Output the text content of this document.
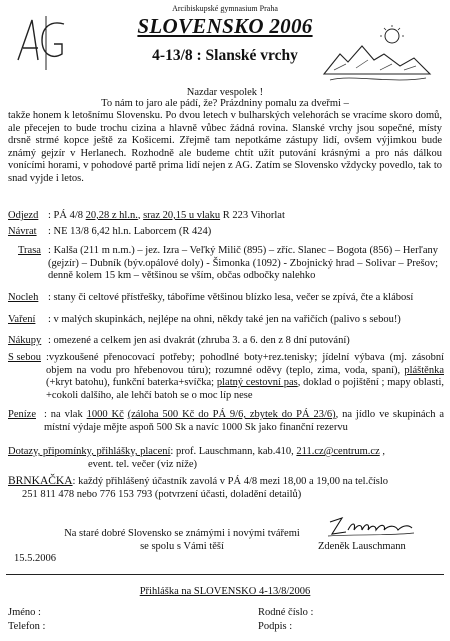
Arcibiskupské gymnasium Praha
SLOVENSKO 2006
4-13/8 : Slanské vrchy
Nazdar vespolek !
To nám to jaro ale pádí, že? Prázdniny pomalu za dveřmi –
takže honem k letošnímu Slovensku. Po dvou letech v bulharských velehorách se vracíme skoro domů, ale přecejen to bude trochu cizina a hlavně vůbec žádná rovina. Slanské vrchy jsou sopečné, místy drsně strmé kopce ještě za Košicemi. Zřejmě tam nepotkáme zástupy lidí, ovšem výjimkou bude známý gejzír v Herlanech. Rozhodně ale budeme chtít užít putování krásnými a pro nás dálkou vonícími horami, v pohodové partě prima lidí nejen z AG. Zatím se Slovensko vždycky povedlo, tak to snad vyjde i letos.
Odjezd : PÁ 4/8 20,28 z hl.n., sraz 20,15 u vlaku R 223 Vihorlat
Návrat : NE 13/8 6,42 hl.n. Laborcem (R 424)
Trasa : Kalša (211 m n.m.) – jez. Izra – Veľký Milič (895) – zříc. Slanec – Bogota (856) – Herľany (gejzír) – Dubník (býv.opálové doly) - Šimonka (1092) - Zbojnický hrad – Solivar – Prešov; denně kolem 15 km – většinou se vším, občas odbočky nalehko
Nocleh : stany či celtové přístřešky, táboříme většinou blízko lesa, večer se zpívá, čte a klábosí
Vaření : v malých skupinkách, nejlépe na ohni, někdy také jen na vařičích (palivo s sebou!)
Nákupy : omezené a celkem jen asi dvakrát (zhruba 3. a 6. den z 8 dní putování)
S sebou :vyzkoušené přenocovací potřeby; pohodlné boty+rez.tenisky; jídelní výbava (mj. zásobní objem na vodu pro hřebenovou túru); rozumné oděvy (teplo, zima, voda, spaní), pláštěnka (+kryt batohu), funkční baterka+svíčka; platný cestovní pas, doklad o pojištění ; mapy oblasti, +cokoli dalšího, ale lehčí batoh se o moc líp nese
Peníze : na vlak 1000 Kč (záloha 500 Kč do PÁ 9/6, zbytek do PÁ 23/6), na jídlo ve skupinách a místní výdaje mějte aspoň 500 Sk a navíc 1000 Sk jako finanční rezervu
Dotazy, připomínky, přihlášky, placení: prof. Lauschmann, kab.410, 211.cz@centrum.cz ,
event. tel. večer (viz níže)
BRNKAČKA: každý přihlášený účastník zavolá v PÁ 4/8 mezi 18,00 a 19,00 na tel.číslo
251 811 478 nebo 776 153 793 (potvrzení účasti, doladění detailů)
Na staré dobré Slovensko se známými i novými tvářemi
se spolu s Vámi těší	Zdeněk Lauschmann
15.5.2006
Přihláška na SLOVENSKO 4-13/8/2006
Jméno :	Rodné číslo :
Telefon :	Podpis :
